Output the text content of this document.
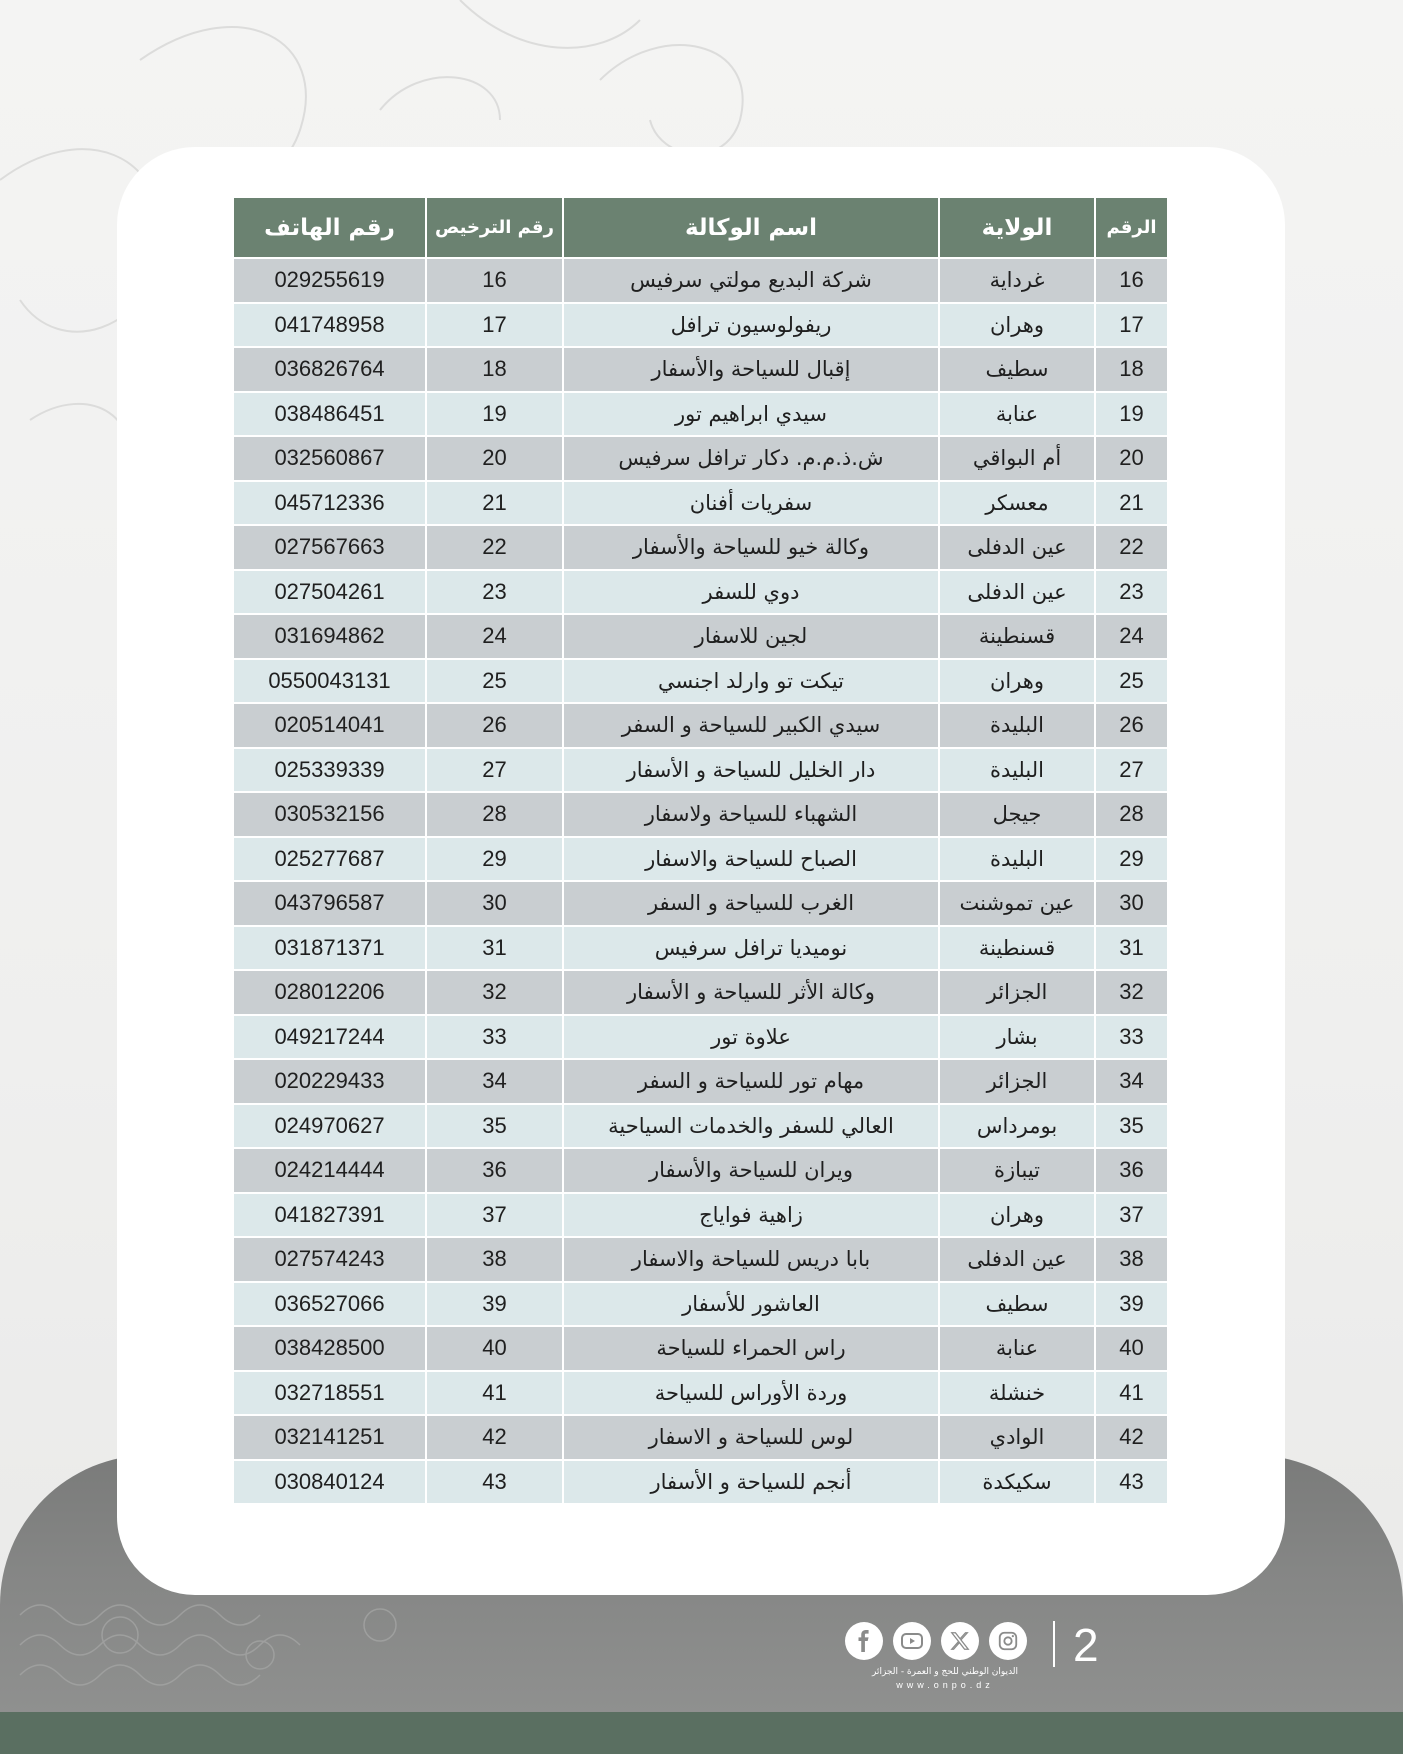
الرقم	الولاية	اسم الوكالة	رقم الترخيص	رقم الهاتف
16	غرداية	شركة البديع مولتي سرفيس	16	029255619
17	وهران	ريفولوسيون ترافل	17	041748958
18	سطيف	إقبال للسياحة والأسفار	18	036826764
19	عنابة	سيدي ابراهيم تور	19	038486451
20	أم البواقي	ش.ذ.م.م. دكار ترافل سرفيس	20	032560867
21	معسكر	سفريات أفنان	21	045712336
22	عين الدفلى	وكالة خيو للسياحة والأسفار	22	027567663
23	عين الدفلى	دوي للسفر	23	027504261
24	قسنطينة	لجين للاسفار	24	031694862
25	وهران	تيكت تو وارلد اجنسي	25	0550043131
26	البليدة	سيدي الكبير للسياحة و السفر	26	020514041
27	البليدة	دار الخليل للسياحة و الأسفار	27	025339339
28	جيجل	الشهباء للسياحة ولاسفار	28	030532156
29	البليدة	الصباح للسياحة والاسفار	29	025277687
30	عين تموشنت	الغرب للسياحة و السفر	30	043796587
31	قسنطينة	نوميديا ترافل سرفيس	31	031871371
32	الجزائر	وكالة الأثر للسياحة و الأسفار	32	028012206
33	بشار	علاوة تور	33	049217244
34	الجزائر	مهام تور للسياحة و السفر	34	020229433
35	بومرداس	العالي للسفر والخدمات السياحية	35	024970627
36	تيبازة	ويران للسياحة والأسفار	36	024214444
37	وهران	زاهية فواياج	37	041827391
38	عين الدفلى	بابا دريس للسياحة والاسفار	38	027574243
39	سطيف	العاشور للأسفار	39	036527066
40	عنابة	راس الحمراء للسياحة	40	038428500
41	خنشلة	وردة الأوراس للسياحة	41	032718551
42	الوادي	لوس للسياحة و الاسفار	42	032141251
43	سكيكدة	أنجم للسياحة و الأسفار	43	030840124
2
الديوان الوطني للحج و العمرة - الجزائر
www.onpo.dz
